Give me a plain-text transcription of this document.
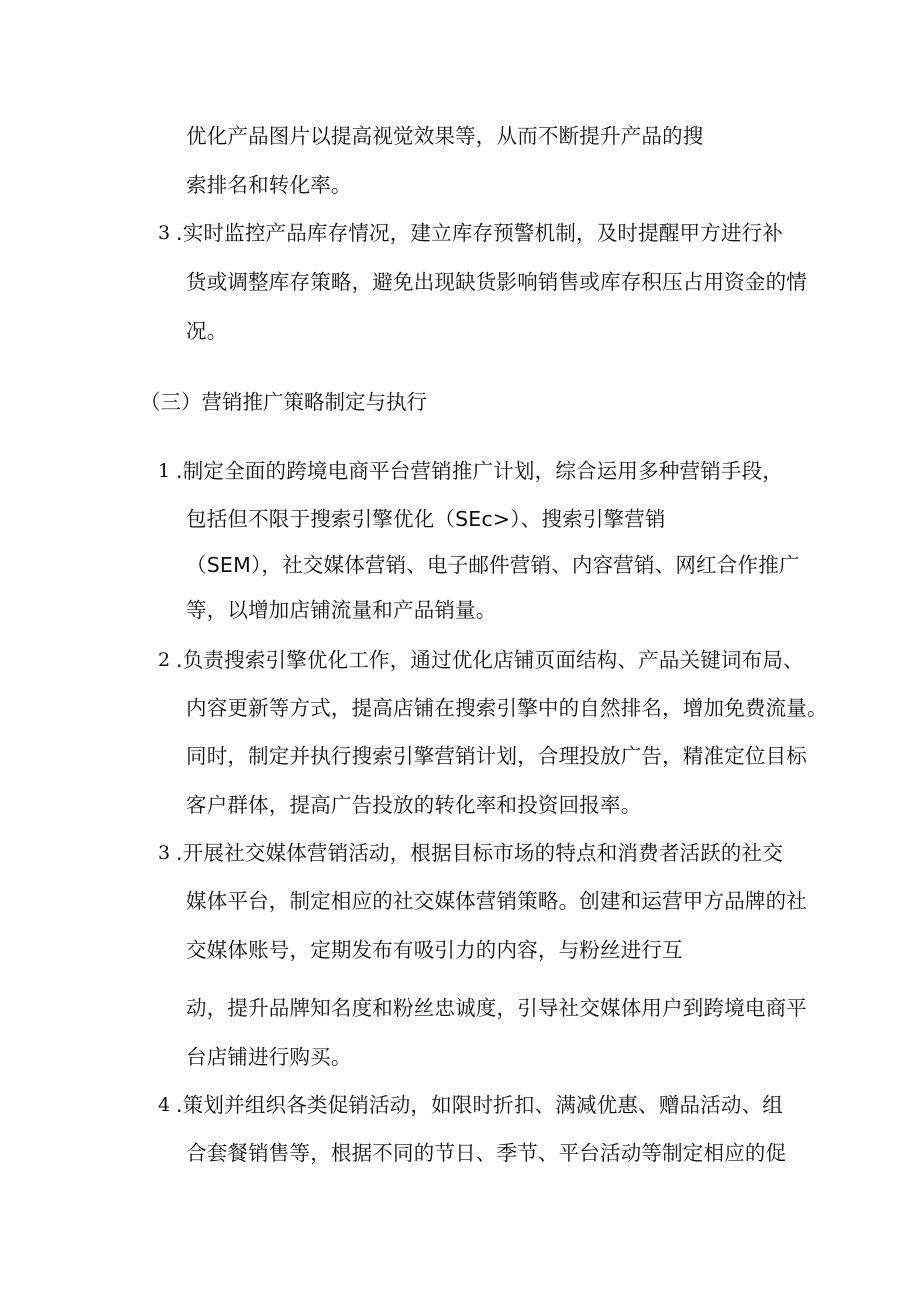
优化产品图片以提高视觉效果等，从而不断提升产品的搜
索排名和转化率。
3 .实时监控产品库存情况，建立库存预警机制，及时提醒甲方进行补
货或调整库存策略，避免出现缺货影响销售或库存积压占用资金的情
况。
（三）营销推广策略制定与执行
1 .制定全面的跨境电商平台营销推广计划，综合运用多种营销手段，
包括但不限于搜索引擎优化（SEc>）、搜索引擎营销
（SEM），社交媒体营销、电子邮件营销、内容营销、网红合作推广
等，以增加店铺流量和产品销量。
2 .负责搜索引擎优化工作，通过优化店铺页面结构、产品关键词布局、
内容更新等方式，提高店铺在搜索引擎中的自然排名，增加免费流量。
同时，制定并执行搜索引擎营销计划，合理投放广告，精准定位目标
客户群体，提高广告投放的转化率和投资回报率。
3 .开展社交媒体营销活动，根据目标市场的特点和消费者活跃的社交
媒体平台，制定相应的社交媒体营销策略。创建和运营甲方品牌的社
交媒体账号，定期发布有吸引力的内容，与粉丝进行互
动，提升品牌知名度和粉丝忠诚度，引导社交媒体用户到跨境电商平
台店铺进行购买。
4 .策划并组织各类促销活动，如限时折扣、满减优惠、赠品活动、组
合套餐销售等，根据不同的节日、季节、平台活动等制定相应的促
